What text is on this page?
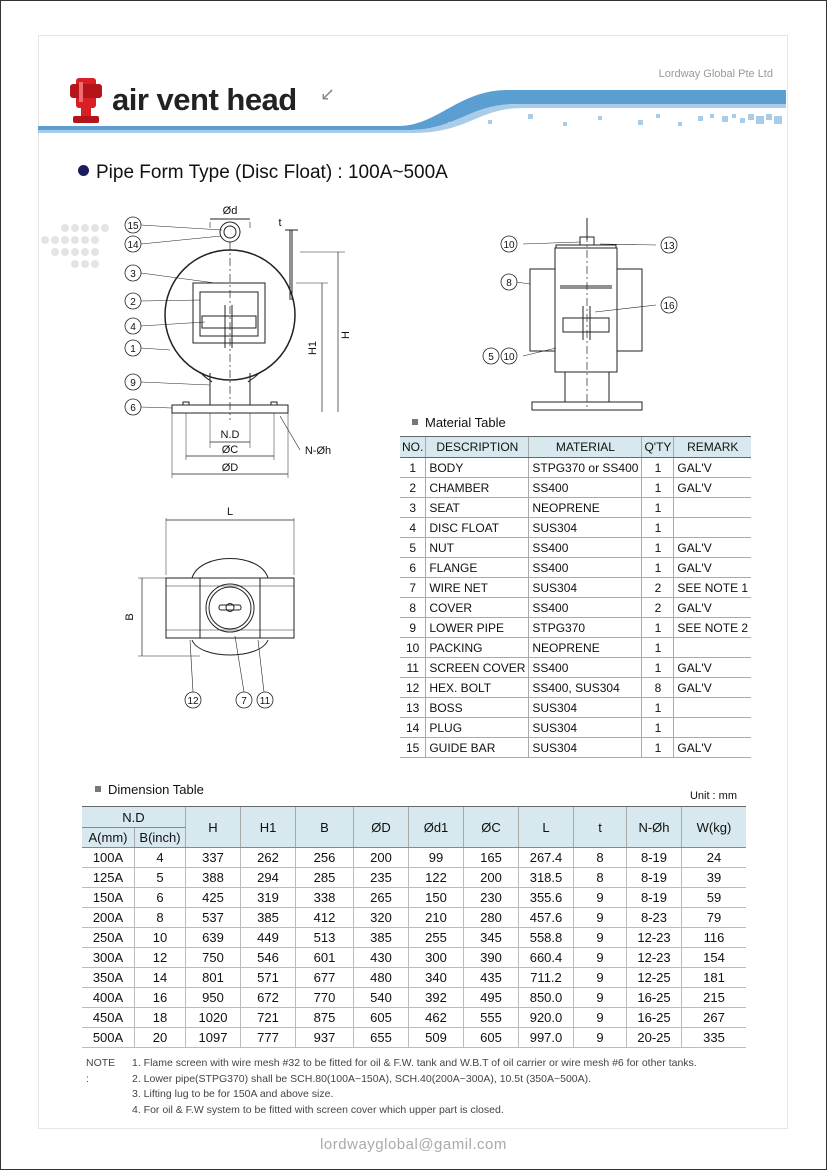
Lordway Global Pte Ltd
air vent head ↙
Pipe Form Type (Disc Float) : 100A~500A
Ød
t
H
H1
N.D
ØC
ØD
N-Øh
L
B
15
14
3
2
4
1
9
6
10	13
8
16
5 10
12	7 11
Material Table
NO.	DESCRIPTION	MATERIAL	Q'TY	REMARK
1	BODY	STPG370 or SS400	1	GAL'V
2	CHAMBER	SS400	1	GAL'V
3	SEAT	NEOPRENE	1	
4	DISC FLOAT	SUS304	1	
5	NUT	SS400	1	GAL'V
6	FLANGE	SS400	1	GAL'V
7	WIRE NET	SUS304	2	SEE NOTE 1
8	COVER	SS400	2	GAL'V
9	LOWER PIPE	STPG370	1	SEE NOTE 2
10	PACKING	NEOPRENE	1	
11	SCREEN COVER	SS400	1	GAL'V
12	HEX. BOLT	SS400, SUS304	8	GAL'V
13	BOSS	SUS304	1	
14	PLUG	SUS304	1	
15	GUIDE BAR	SUS304	1	GAL'V
Dimension Table	Unit : mm
N.D		H	H1	B	ØD	Ød1	ØC	L	t	N-Øh	W(kg)
A(mm)	B(inch)										
100A	4	337	262	256	200	99	165	267.4	8	8-19	24
125A	5	388	294	285	235	122	200	318.5	8	8-19	39
150A	6	425	319	338	265	150	230	355.6	9	8-19	59
200A	8	537	385	412	320	210	280	457.6	9	8-23	79
250A	10	639	449	513	385	255	345	558.8	9	12-23	116
300A	12	750	546	601	430	300	390	660.4	9	12-23	154
350A	14	801	571	677	480	340	435	711.2	9	12-25	181
400A	16	950	672	770	540	392	495	850.0	9	16-25	215
450A	18	1020	721	875	605	462	555	920.0	9	16-25	267
500A	20	1097	777	937	655	509	605	997.0	9	20-25	335
NOTE :
1. Flame screen with wire mesh #32 to be fitted for oil & F.W. tank and W.B.T of oil carrier or wire mesh #6 for other tanks.
2. Lower pipe(STPG370) shall be SCH.80(100A~150A), SCH.40(200A~300A), 10.5t (350A~500A).
3. Lifting lug to be for 150A and above size.
4. For oil & F.W system to be fitted with screen cover which upper part is closed.
lordwayglobal@gamil.com
